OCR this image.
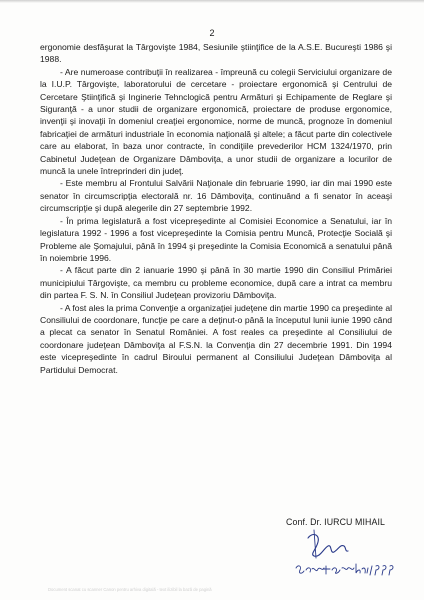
2

ergonomie desfăşurat la Târgovişte 1984, Sesiunile ştiinţifice de la A.S.E. Bucureşti 1986 şi 1988.

- Are numeroase contribuţii în realizarea - împreună cu colegii Serviciului organizare de la I.U.P. Târgovişte, laboratorului de cercetare - proiectare ergonomică şi Centrului de Cercetare Ştiinţifică şi Inginerie Tehnclogică pentru Armături şi Echipamente de Reglare şi Siguranţă - a unor studii de organizare ergonomică, proiectare de produse ergonomice, invenţii şi inovaţii în domeniul creaţiei ergonomice, norme de muncă, prognoze în domeniul fabricaţiei de armături industriale în economia naţională şi altele; a făcut parte din colectivele care au elaborat, în baza unor contracte, în condiţiile prevederilor HCM 1324/1970, prin Cabinetul Judeţean de Organizare Dâmboviţa, a unor studii de organizare a locurilor de muncă la unele întreprinderi din judeţ.

- Este membru al Frontului Salvării Naţionale din februarie 1990, iar din mai 1990 este senator în circumscripţia electorală nr. 16 Dâmboviţa, continuând a fi senator în aceaşi circumscripţie şi după alegerile din 27 septembrie 1992.

- În prima legislatură a fost vicepreşedinte al Comisiei Economice a Senatului, iar în legislatura 1992 - 1996 a fost vicepreşedinte la Comisia pentru Muncă, Protecţie Socială şi Probleme ale Şomajului, până în 1994 şi preşedinte la Comisia Economică a senatului până în noiembrie 1996.

- A făcut parte din 2 ianuarie 1990 şi până în 30 martie 1990 din Consiliul Primăriei municipiului Târgovişte, ca membru cu probleme economice, după care a intrat ca membru din partea F. S. N. în Consiliul Judeţean provizoriu Dâmboviţa.

- A fost ales la prima Convenţie a organizaţiei judeţene din martie 1990 ca preşedinte al Consiliului de coordonare, funcţie pe care a deţinut-o până la începutul lunii iunie 1990 când a plecat ca senator în Senatul Românieі. A fost reales ca preşedinte al Consiliului de coordonare judeţean Dâmboviţa al F.S.N. la Convenţia din 27 decembrie 1991. Din 1994 este vicepreşedinte în cadrul Biroului permanent al Consiliului Judeţean Dâmboviţa al Partidului Democrat.

Conf. Dr. IURCU MIHAIL
Document scanat cu scanner Canon pentru arhiva digitală - text ilizibil la bază de pagină
